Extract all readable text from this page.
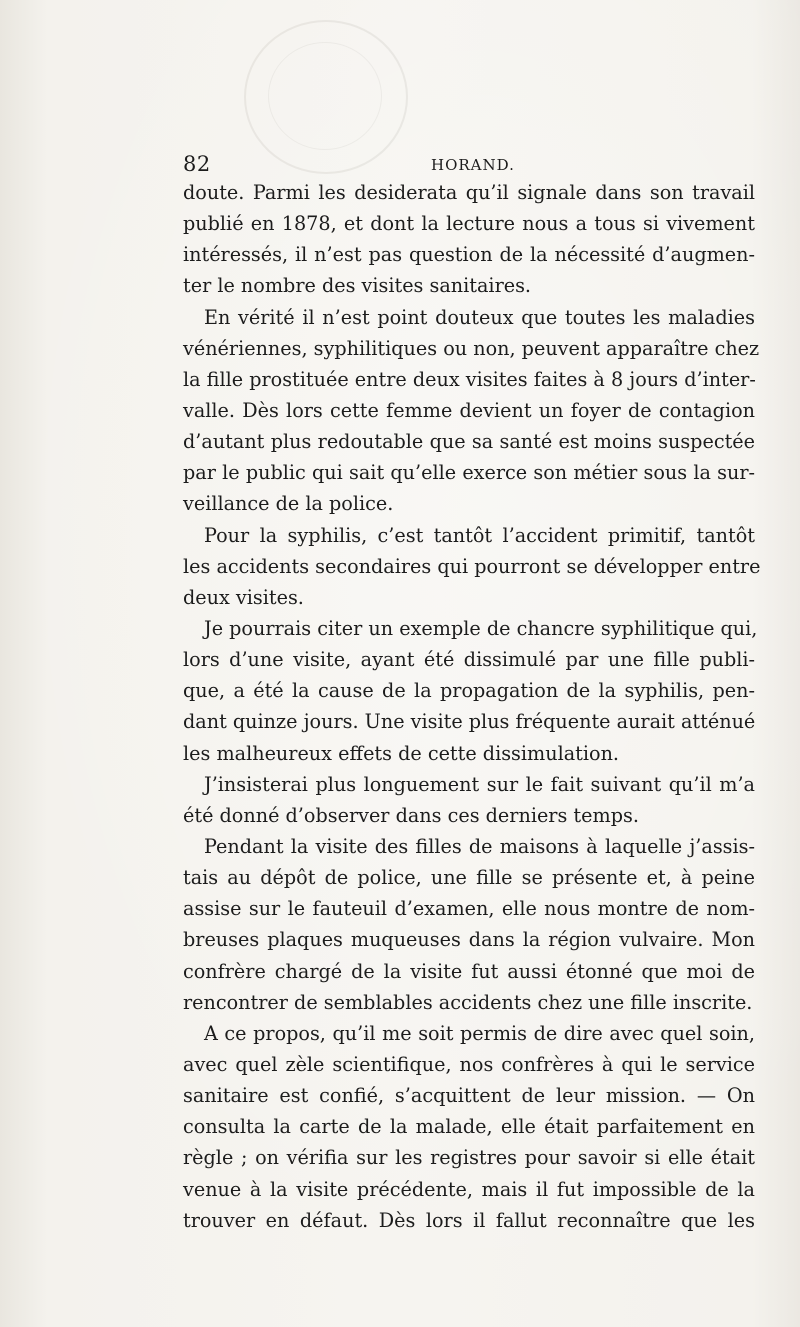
82	HORAND.
doute. Parmi les desiderata qu’il signale dans son travail
publié en 1878, et dont la lecture nous a tous si vivement
intéressés, il n’est pas question de la nécessité d’augmen-
ter le nombre des visites sanitaires.
En vérité il n’est point douteux que toutes les maladies
vénériennes, syphilitiques ou non, peuvent apparaître chez
la fille prostituée entre deux visites faites à 8 jours d’inter-
valle. Dès lors cette femme devient un foyer de contagion
d’autant plus redoutable que sa santé est moins suspectée
par le public qui sait qu’elle exerce son métier sous la sur-
veillance de la police.
Pour la syphilis, c’est tantôt l’accident primitif, tantôt
les accidents secondaires qui pourront se développer entre
deux visites.
Je pourrais citer un exemple de chancre syphilitique qui,
lors d’une visite, ayant été dissimulé par une fille publi-
que, a été la cause de la propagation de la syphilis, pen-
dant quinze jours. Une visite plus fréquente aurait atténué
les malheureux effets de cette dissimulation.
J’insisterai plus longuement sur le fait suivant qu’il m’a
été donné d’observer dans ces derniers temps.
Pendant la visite des filles de maisons à laquelle j’assis-
tais au dépôt de police, une fille se présente et, à peine
assise sur le fauteuil d’examen, elle nous montre de nom-
breuses plaques muqueuses dans la région vulvaire. Mon
confrère chargé de la visite fut aussi étonné que moi de
rencontrer de semblables accidents chez une fille inscrite.
A ce propos, qu’il me soit permis de dire avec quel soin,
avec quel zèle scientifique, nos confrères à qui le service
sanitaire est confié, s’acquittent de leur mission. — On
consulta la carte de la malade, elle était parfaitement en
règle ; on vérifia sur les registres pour savoir si elle était
venue à la visite précédente, mais il fut impossible de la
trouver en défaut. Dès lors il fallut reconnaître que les
